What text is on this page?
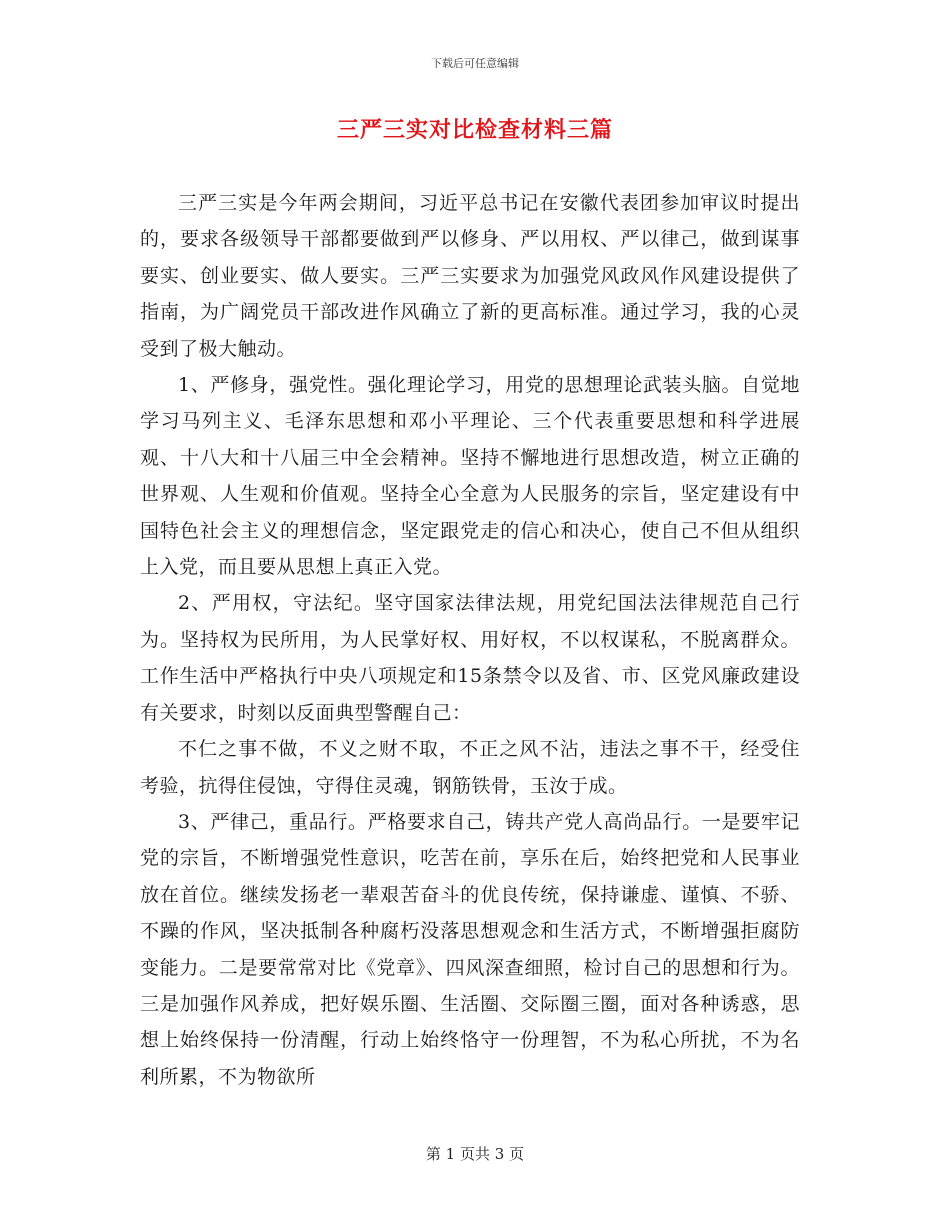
下载后可任意编辑
三严三实对比检查材料三篇

三严三实是今年两会期间，习近平总书记在安徽代表团参加审议时提出的，要求各级领导干部都要做到严以修身、严以用权、严以律己，做到谋事要实、创业要实、做人要实。三严三实要求为加强党风政风作风建设提供了指南，为广阔党员干部改进作风确立了新的更高标准。通过学习，我的心灵受到了极大触动。

1、严修身，强党性。强化理论学习，用党的思想理论武装头脑。自觉地学习马列主义、毛泽东思想和邓小平理论、三个代表重要思想和科学进展观、十八大和十八届三中全会精神。坚持不懈地进行思想改造，树立正确的世界观、人生观和价值观。坚持全心全意为人民服务的宗旨，坚定建设有中国特色社会主义的理想信念，坚定跟党走的信心和决心，使自己不但从组织上入党，而且要从思想上真正入党。

2、严用权，守法纪。坚守国家法律法规，用党纪国法法律规范自己行为。坚持权为民所用，为人民掌好权、用好权，不以权谋私，不脱离群众。工作生活中严格执行中央八项规定和15条禁令以及省、市、区党风廉政建设有关要求，时刻以反面典型警醒自己：

不仁之事不做，不义之财不取，不正之风不沾，违法之事不干，经受住考验，抗得住侵蚀，守得住灵魂，钢筋铁骨，玉汝于成。

3、严律己，重品行。严格要求自己，铸共产党人高尚品行。一是要牢记党的宗旨，不断增强党性意识，吃苦在前，享乐在后，始终把党和人民事业放在首位。继续发扬老一辈艰苦奋斗的优良传统，保持谦虚、谨慎、不骄、不躁的作风，坚决抵制各种腐朽没落思想观念和生活方式，不断增强拒腐防变能力。二是要常常对比《党章》、四风深查细照，检讨自己的思想和行为。三是加强作风养成，把好娱乐圈、生活圈、交际圈三圈，面对各种诱惑，思想上始终保持一份清醒，行动上始终恪守一份理智，不为私心所扰，不为名利所累，不为物欲所

第 1 页共 3 页
